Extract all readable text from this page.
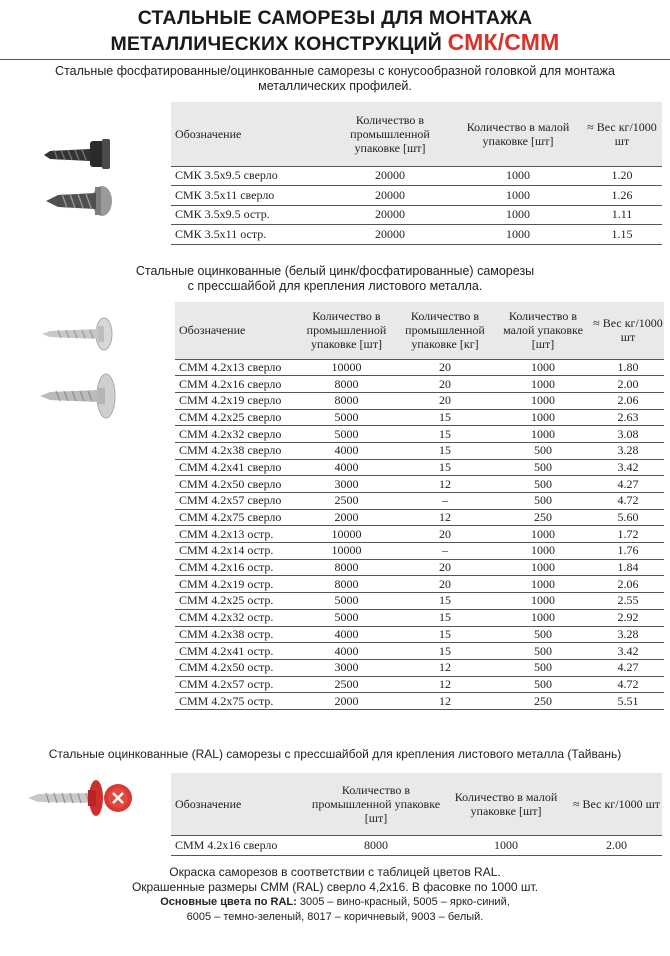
СТАЛЬНЫЕ САМОРЕЗЫ ДЛЯ МОНТАЖА
МЕТАЛЛИЧЕСКИХ КОНСТРУКЦИЙ СМК/СММ
Стальные фосфатированные/оцинкованные саморезы с конусообразной головкой для монтажа
металлических профилей.
Обозначение	Количество в промышленной упаковке [шт]	Количество в малой упаковке [шт]	≈ Вес кг/1000 шт
СМК 3.5х9.5 сверло	20000	1000	1.20
СМК 3.5х11 сверло	20000	1000	1.26
СМК 3.5х9.5 остр.	20000	1000	1.11
СМК 3.5х11 остр.	20000	1000	1.15
Стальные оцинкованные (белый цинк/фосфатированные) саморезы
с прессшайбой для крепления листового металла.
Обозначение	Количество в промышленной упаковке [шт]	Количество в промышленной упаковке [кг]	Количество в малой упаковке [шт]	≈ Вес кг/1000 шт
СММ 4.2х13 сверло	10000	20	1000	1.80
СММ 4.2х16 сверло	8000	20	1000	2.00
СММ 4.2х19 сверло	8000	20	1000	2.06
СММ 4.2х25 сверло	5000	15	1000	2.63
СММ 4.2х32 сверло	5000	15	1000	3.08
СММ 4.2х38 сверло	4000	15	500	3.28
СММ 4.2х41 сверло	4000	15	500	3.42
СММ 4.2х50 сверло	3000	12	500	4.27
СММ 4.2х57 сверло	2500	–	500	4.72
СММ 4.2х75 сверло	2000	12	250	5.60
СММ 4.2х13 остр.	10000	20	1000	1.72
СММ 4.2х14 остр.	10000	–	1000	1.76
СММ 4.2х16 остр.	8000	20	1000	1.84
СММ 4.2х19 остр.	8000	20	1000	2.06
СММ 4.2х25 остр.	5000	15	1000	2.55
СММ 4.2х32 остр.	5000	15	1000	2.92
СММ 4.2х38 остр.	4000	15	500	3.28
СММ 4.2х41 остр.	4000	15	500	3.42
СММ 4.2х50 остр.	3000	12	500	4.27
СММ 4.2х57 остр.	2500	12	500	4.72
СММ 4.2х75 остр.	2000	12	250	5.51
Стальные оцинкованные (RAL) саморезы с прессшайбой для крепления листового металла (Тайвань)
Обозначение	Количество в промышленной упаковке [шт]	Количество в малой упаковке [шт]	≈ Вес кг/1000 шт
СММ 4.2х16 сверло	8000	1000	2.00
Окраска саморезов в соответствии с таблицей цветов RAL.
Окрашенные размеры СММ (RAL) сверло 4,2х16. В фасовке по 1000 шт.
Основные цвета по RAL: 3005 – вино-красный, 5005 – ярко-синий,
6005 – темно-зеленый, 8017 – коричневый, 9003 – белый.
